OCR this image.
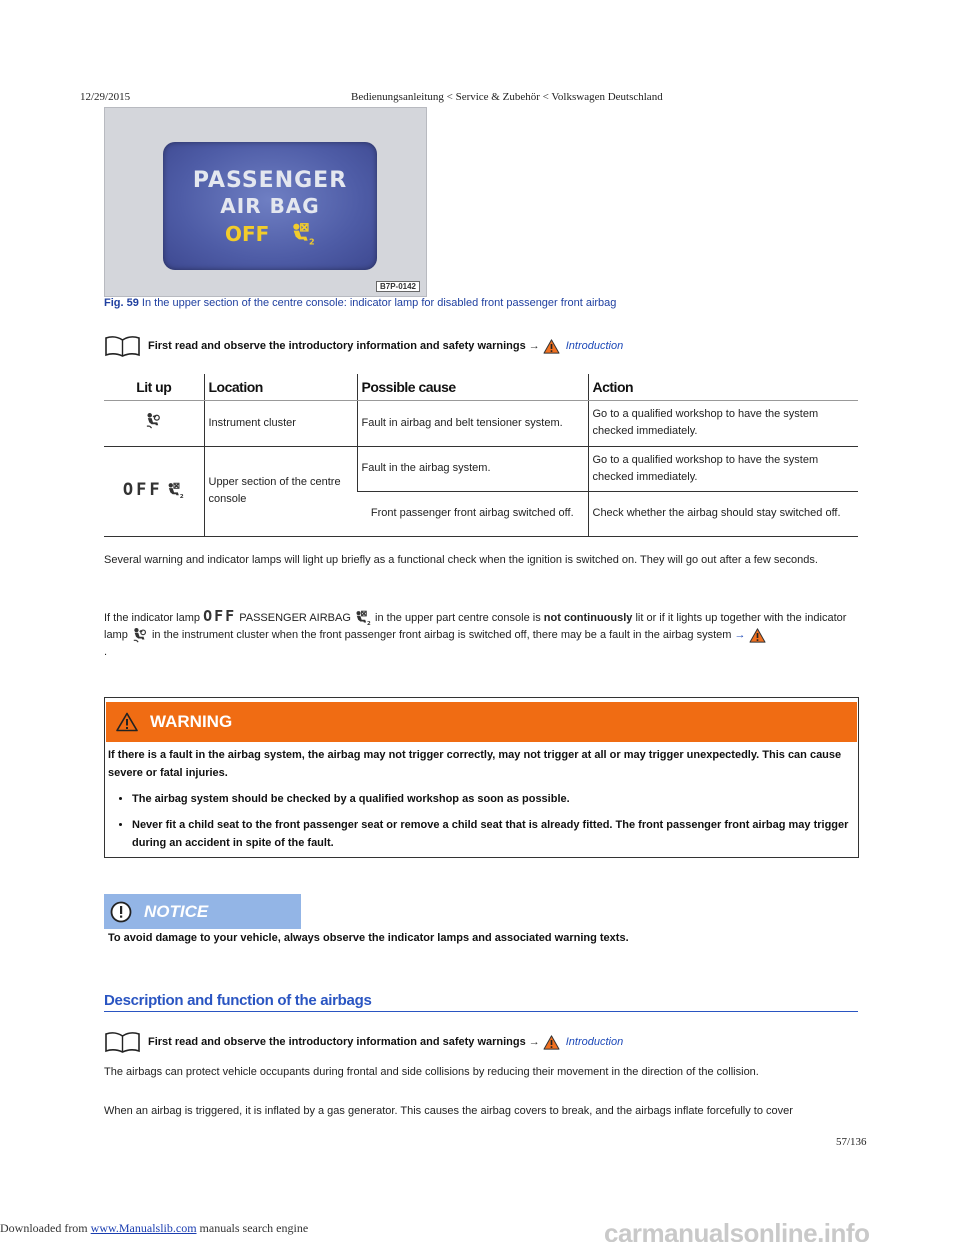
12/29/2015	Bedienungsanleitung < Service & Zubehör < Volkswagen Deutschland
PASSENGER
AIR BAG
OFF	2
B7P-0142
Fig. 59 In the upper section of the centre console: indicator lamp for disabled front passenger front airbag
First read and observe the introductory information and safety warnings → Introduction
Lit up	Location	Possible cause	Action
	Instrument cluster	Fault in airbag and belt tensioner system.	Go to a qualified workshop to have the system checked immediately.
OFF	Upper section of the centre console	Fault in the airbag system.	Go to a qualified workshop to have the system checked immediately.
		Front passenger front airbag switched off.	Check whether the airbag should stay switched off.
Several warning and indicator lamps will light up briefly as a functional check when the ignition is switched on. They will go out after a few seconds.
If the indicator lamp OFF PASSENGER AIRBAG in the upper part centre console is not continuously lit or if it lights up together with the indicator lamp in the instrument cluster when the front passenger front airbag is switched off, there may be a fault in the airbag system →
.
WARNING

If there is a fault in the airbag system, the airbag may not trigger correctly, may not trigger at all or may trigger unexpectedly. This can cause severe or fatal injuries.

• The airbag system should be checked by a qualified workshop as soon as possible.
• Never fit a child seat to the front passenger seat or remove a child seat that is already fitted. The front passenger front airbag may trigger during an accident in spite of the fault.
NOTICE
To avoid damage to your vehicle, always observe the indicator lamps and associated warning texts.
Description and function of the airbags
First read and observe the introductory information and safety warnings → Introduction
The airbags can protect vehicle occupants during frontal and side collisions by reducing their movement in the direction of the collision.
When an airbag is triggered, it is inflated by a gas generator. This causes the airbag covers to break, and the airbags inflate forcefully to cover
57/136
Downloaded from www.Manualslib.com manuals search engine	carmanualsonline.info
